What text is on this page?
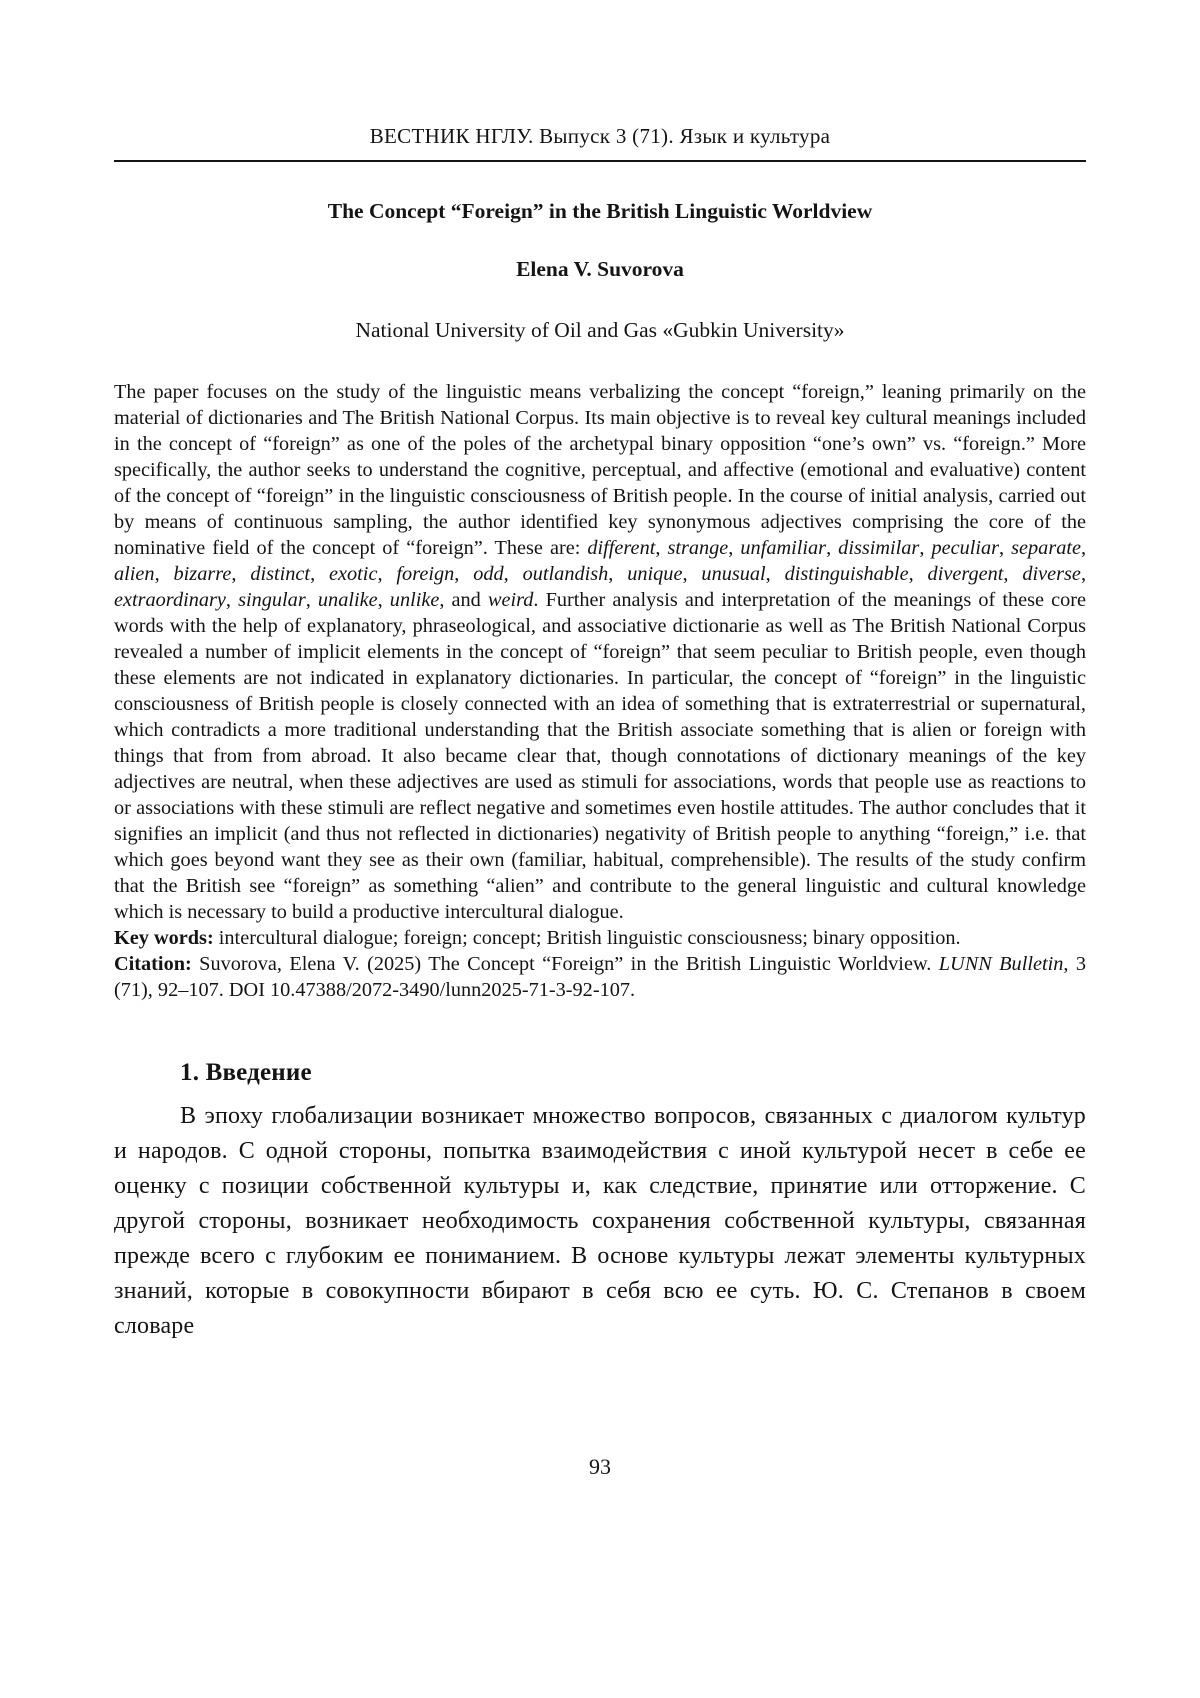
ВЕСТНИК НГЛУ. Выпуск 3 (71). Язык и культура
The Concept “Foreign” in the British Linguistic Worldview
Elena V. Suvorova
National University of Oil and Gas «Gubkin University»

The paper focuses on the study of the linguistic means verbalizing the concept “foreign,” leaning primarily on the material of dictionaries and The British National Corpus. Its main objective is to reveal key cultural meanings included in the concept of “foreign” as one of the poles of the archetypal binary opposition “one’s own” vs. “foreign.” More specifically, the author seeks to understand the cognitive, perceptual, and affective (emotional and evaluative) content of the concept of “foreign” in the linguistic consciousness of British people. In the course of initial analysis, carried out by means of continuous sampling, the author identified key synonymous adjectives comprising the core of the nominative field of the concept of “foreign”. These are: different, strange, unfamiliar, dissimilar, peculiar, separate, alien, bizarre, distinct, exotic, foreign, odd, outlandish, unique, unusual, distinguishable, divergent, diverse, extraordinary, singular, unalike, unlike, and weird. Further analysis and interpretation of the meanings of these core words with the help of explanatory, phraseological, and associative dictionarie as well as The British National Corpus revealed a number of implicit elements in the concept of “foreign” that seem peculiar to British people, even though these elements are not indicated in explanatory dictionaries. In particular, the concept of “foreign” in the linguistic consciousness of British people is closely connected with an idea of something that is extraterrestrial or supernatural, which contradicts a more traditional understanding that the British associate something that is alien or foreign with things that from from abroad. It also became clear that, though connotations of dictionary meanings of the key adjectives are neutral, when these adjectives are used as stimuli for associations, words that people use as reactions to or associations with these stimuli are reflect negative and sometimes even hostile attitudes. The author concludes that it signifies an implicit (and thus not reflected in dictionaries) negativity of British people to anything “foreign,” i.e. that which goes beyond want they see as their own (familiar, habitual, comprehensible). The results of the study confirm that the British see “foreign” as something “alien” and contribute to the general linguistic and cultural knowledge which is necessary to build a productive intercultural dialogue.

Key words: intercultural dialogue; foreign; concept; British linguistic consciousness; binary opposition.

Citation: Suvorova, Elena V. (2025) The Concept “Foreign” in the British Linguistic Worldview. LUNN Bulletin, 3 (71), 92–107. DOI 10.47388/2072-3490/lunn2025-71-3-92-107.

1. Введение

В эпоху глобализации возникает множество вопросов, связанных с диалогом культур и народов. С одной стороны, попытка взаимодействия с иной культурой несет в себе ее оценку с позиции собственной культуры и, как следствие, принятие или отторжение. С другой стороны, возникает необходимость сохранения собственной культуры, связанная прежде всего с глубоким ее пониманием. В основе культуры лежат элементы культурных знаний, которые в совокупности вбирают в себя всю ее суть. Ю. С. Степанов в своем словаре

93
